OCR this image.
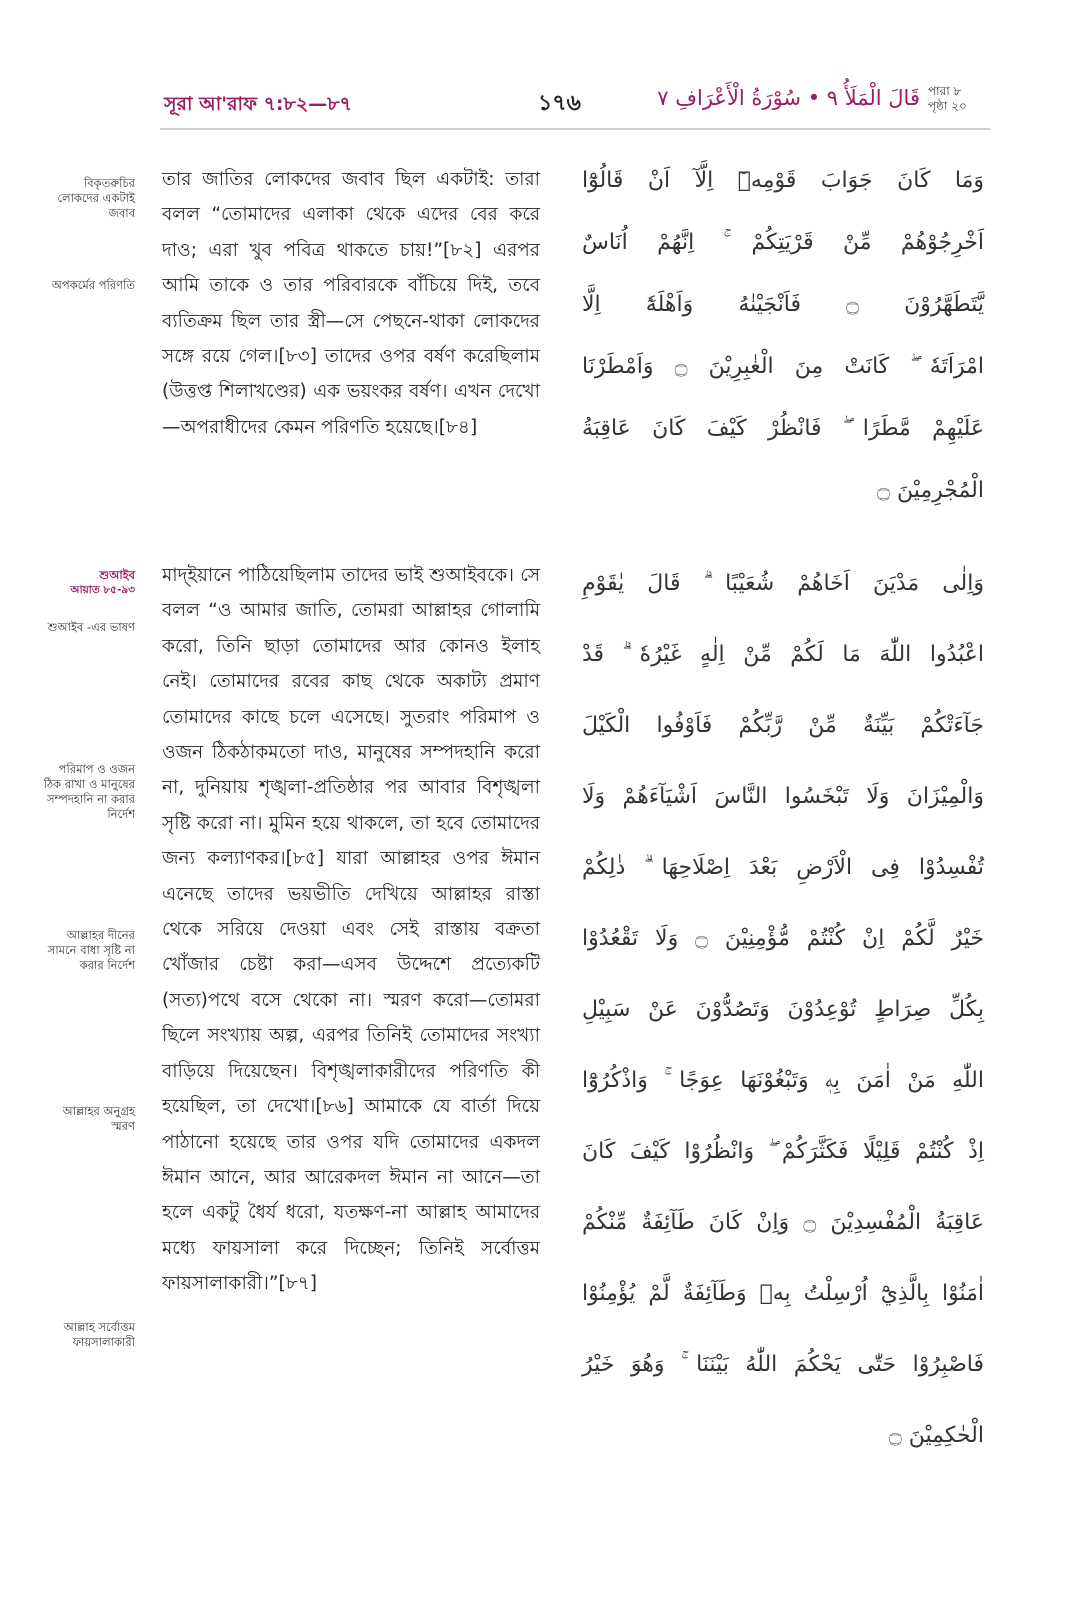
সূরা আ'রাফ ৭:৮২—৮৭	১৭৬	قَالَ الْمَلَأُ ٩ • سُوْرَةُ الْأَعْرَافِ ٧ পারা ৮
পৃষ্ঠা ২০
বিকৃতরুচির লোকদের একটাই জবাব
অপকর্মের পরিণতি
শুআইব
আয়াত ৮৫-৯৩
শুআইব -এর ভাষণ
পরিমাপ ও ওজন ঠিক রাখা ও মানুষের সম্পদহানি না করার নির্দেশ
আল্লাহর দীনের সামনে বাধা সৃষ্টি না করার নির্দেশ
আল্লাহর অনুগ্রহ স্মরণ
আল্লাহ সর্বোত্তম ফায়সালাকারী
তার জাতির লোকদের জবাব ছিল একটাই: তারা বলল “তোমাদের এলাকা থেকে এদের বের করে দাও; এরা খুব পবিত্র থাকতে চায়!”[৮২] এরপর আমি তাকে ও তার পরিবারকে বাঁচিয়ে দিই, তবে ব্যতিক্রম ছিল তার স্ত্রী—সে পেছনে-থাকা লোকদের সঙ্গে রয়ে গেল।[৮৩] তাদের ওপর বর্ষণ করেছিলাম (উত্তপ্ত শিলাখণ্ডের) এক ভয়ংকর বর্ষণ। এখন দেখো—অপরাধীদের কেমন পরিণতি হয়েছে।[৮৪]
মাদ্ইয়ানে পাঠিয়েছিলাম তাদের ভাই শুআইবকে। সে বলল “ও আমার জাতি, তোমরা আল্লাহর গোলামি করো, তিনি ছাড়া তোমাদের আর কোনও ইলাহ নেই। তোমাদের রবের কাছ থেকে অকাট্য প্রমাণ তোমাদের কাছে চলে এসেছে। সুতরাং পরিমাপ ও ওজন ঠিকঠাকমতো দাও, মানুষের সম্পদহানি করো না, দুনিয়ায় শৃঙ্খলা-প্রতিষ্ঠার পর আবার বিশৃঙ্খলা সৃষ্টি করো না। মুমিন হয়ে থাকলে, তা হবে তোমাদের জন্য কল্যাণকর।[৮৫] যারা আল্লাহর ওপর ঈমান এনেছে তাদের ভয়ভীতি দেখিয়ে আল্লাহর রাস্তা থেকে সরিয়ে দেওয়া এবং সেই রাস্তায় বক্রতা খোঁজার চেষ্টা করা—এসব উদ্দেশে প্রত্যেকটি (সত্য)পথে বসে থেকো না। স্মরণ করো—তোমরা ছিলে সংখ্যায় অল্প, এরপর তিনিই তোমাদের সংখ্যা বাড়িয়ে দিয়েছেন। বিশৃঙ্খলাকারীদের পরিণতি কী হয়েছিল, তা দেখো।[৮৬] আমাকে যে বার্তা দিয়ে পাঠানো হয়েছে তার ওপর যদি তোমাদের একদল ঈমান আনে, আর আরেকদল ঈমান না আনে—তা হলে একটু ধৈর্য ধরো, যতক্ষণ-না আল্লাহ আমাদের মধ্যে ফায়সালা করে দিচ্ছেন; তিনিই সর্বোত্তম ফায়সালাকারী।”[৮৭]
وَمَا كَانَ جَوَابَ قَوْمِهٖٓ اِلَّآ اَنْ قَالُوْٓا
اَخْرِجُوْهُمْ مِّنْ قَرْيَتِكُمْ ۚ اِنَّهُمْ اُنَاسٌ
يَّتَطَهَّرُوْنَ ۝ فَاَنْجَيْنٰهُ وَاَهْلَهٗٓ اِلَّا
امْرَاَتَهٗ ۖ كَانَتْ مِنَ الْغٰبِرِيْنَ ۝ وَاَمْطَرْنَا
عَلَيْهِمْ مَّطَرًا ۖ فَانْظُرْ كَيْفَ كَانَ عَاقِبَةُ
الْمُجْرِمِيْنَ ۝
وَاِلٰى مَدْيَنَ اَخَاهُمْ شُعَيْبًا ۗ قَالَ يٰقَوْمِ
اعْبُدُوا اللّٰهَ مَا لَكُمْ مِّنْ اِلٰهٍ غَيْرُهٗ ۗ قَدْ
جَآءَتْكُمْ بَيِّنَةٌ مِّنْ رَّبِّكُمْ فَاَوْفُوا الْكَيْلَ
وَالْمِيْزَانَ وَلَا تَبْخَسُوا النَّاسَ اَشْيَآءَهُمْ وَلَا
تُفْسِدُوْا فِى الْاَرْضِ بَعْدَ اِصْلَاحِهَا ۗ ذٰلِكُمْ
خَيْرٌ لَّكُمْ اِنْ كُنْتُمْ مُّؤْمِنِيْنَ ۝ وَلَا تَقْعُدُوْا
بِكُلِّ صِرَاطٍ تُوْعِدُوْنَ وَتَصُدُّوْنَ عَنْ سَبِيْلِ
اللّٰهِ مَنْ اٰمَنَ بِهٖ وَتَبْغُوْنَهَا عِوَجًا ۚ وَاذْكُرُوْٓا
اِذْ كُنْتُمْ قَلِيْلًا فَكَثَّرَكُمْ ۖ وَانْظُرُوْا كَيْفَ كَانَ
عَاقِبَةُ الْمُفْسِدِيْنَ ۝ وَاِنْ كَانَ طَآئِفَةٌ مِّنْكُمْ
اٰمَنُوْا بِالَّذِيْٓ اُرْسِلْتُ بِهٖ وَطَآئِفَةٌ لَّمْ يُؤْمِنُوْا
فَاصْبِرُوْا حَتّٰى يَحْكُمَ اللّٰهُ بَيْنَنَا ۚ وَهُوَ خَيْرُ
الْحٰكِمِيْنَ ۝
